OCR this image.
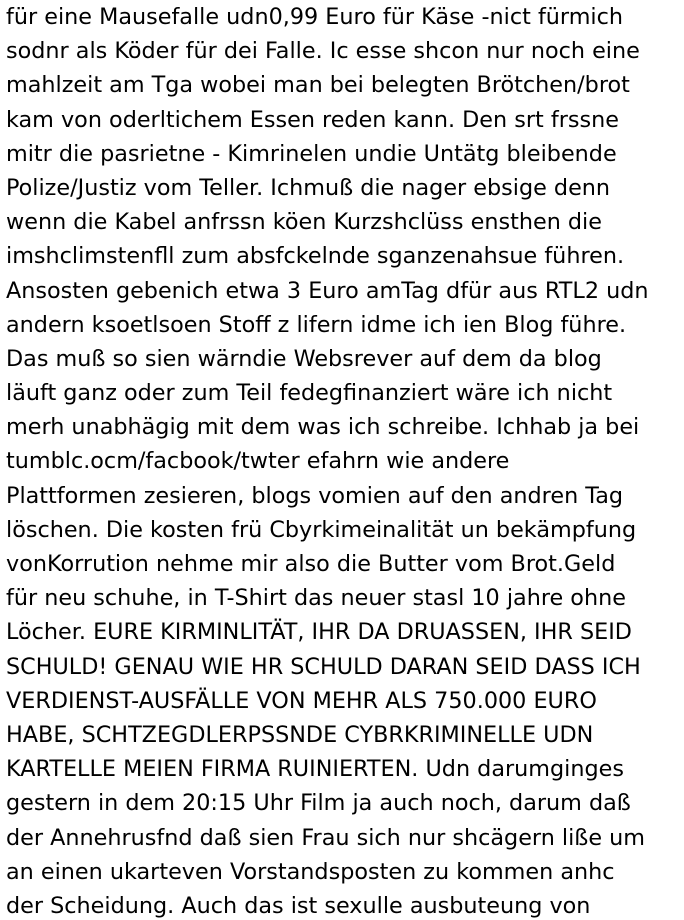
für eine Mausefalle udn0,99 Euro für Käse -nict fürmich
sodnr als Köder für dei Falle. Ic esse shcon nur noch eine
mahlzeit am Tga wobei man bei belegten Brötchen/brot
kam von oderltichem Essen reden kann. Den srt frssne
mitr die pasrietne - Kimrinelen undie Untätg bleibende
Polize/Justiz vom Teller. Ichmuß die nager ebsige denn
wenn die Kabel anfrssn köen Kurzshclüss ensthen die
imshclimstenfll zum absfckelnde sganzenahsue führen.
Ansosten gebenich etwa 3 Euro amTag dfür aus RTL2 udn
andern ksoetlsoen Stoff z lifern idme ich ien Blog führe.
Das muß so sien wärndie Websrever auf dem da blog
läuft ganz oder zum Teil fedegfinanziert wäre ich nicht
merh unabhägig mit dem was ich schreibe. Ichhab ja bei
tumblc.ocm/facbook/twter efahrn wie andere
Plattformen zesieren, blogs vomien auf den andren Tag
löschen. Die kosten frü Cbyrkimeinalität un bekämpfung
vonKorrution nehme mir also die Butter vom Brot.Geld
für neu schuhe, in T-Shirt das neuer stasl 10 jahre ohne
Löcher. EURE KIRMINLITÄT, IHR DA DRUASSEN, IHR SEID
SCHULD! GENAU WIE HR SCHULD DARAN SEID DASS ICH
VERDIENST-AUSFÄLLE VON MEHR ALS 750.000 EURO
HABE, SCHTZEGDLERPSSNDE CYBRKRIMINELLE UDN
KARTELLE MEIEN FIRMA RUINIERTEN. Udn darumginges
gestern in dem 20:15 Uhr Film ja auch noch, darum daß
der Annehrusfnd daß sien Frau sich nur shcägern liße um
an einen ukarteven Vorstandsposten zu kommen anhc
der Scheidung. Auch das ist sexulle ausbuteung von
